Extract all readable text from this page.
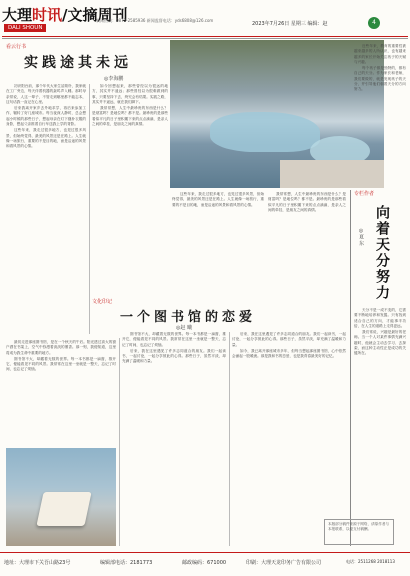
大理时讯/文摘周刊
DALI SHOUN
新闻热线：0872-2585936 新闻监督电话：yds6808@126.com
2023年7月26日 星期三 编辑：赵	4
看云行书
实践途其未远
◎李海鹏

初识阳台前，那个年代大家生活简朴，我家就在工厂旁边，每天伴着机器的轰鸣声入睡。那时母亲常说，人这一辈子，不管走到哪里都不能忘本，这句话我一直记在心里。

后来我离开家乡去外地求学，再后来参加工作，辗转了好几座城市。每当夜深人静时，总会想起小时候的那些日子，想起母亲在灯下缝补衣服的身影，想起父亲推着自行车送我上学的背影。

这些年来，我走过很多地方，也见过很多风景，但始终觉得，最美的风景还是在路上。人生就像一场旅行，重要的不是目的地，而是沿途的风景和看风景的心情。

如今回想起来，那些曾经以为很远的地方，其实并不遥远；那些曾经以为很难做到的事，只要坚持下去，终究会有结果。实践之路，其实并不遥远，就在我们脚下。

我常常想，人生中最珍贵的东西是什么？是财富吗？是地位吗？都不是。最珍贵的是那些看似平凡的日子里积累下来的点点滴滴，是亲人之间的牵挂，是朋友之间的真情。

这些年来，我走过很多地方，也见过很多风景，但始终觉得，最美的风景还是在路上。人生就像一场旅行，重要的不是目的地，而是沿途的风景和看风景的心情。

我常常想，人生中最珍贵的东西是什么？是财富吗？是地位吗？都不是。最珍贵的是那些看似平凡的日子里积累下来的点点滴滴，是亲人之间的牵挂，是朋友之间的真情。

文化印记
一个图书馆的恋爱
◎赵 曦

最初走进那座图书馆，是在一个秋天的午后。阳光透过高大的窗户洒在书架上，空气中弥漫着淡淡的墨香。那一刻，我便知道，这里将成为我生命中重要的地方。

图书馆不大，却藏着无数的世界。每一本书都是一扇窗，推开它，便能看见不同的风景。我常常在这里一坐就是一整天，忘记了时间，也忘记了烦恼。

图书馆不大，却藏着无数的世界。每一本书都是一扇窗，推开它，便能看见不同的风景。我常常在这里一坐就是一整天，忘记了时间，也忘记了烦恼。

后来，我在这里遇见了许多志同道合的朋友。我们一起读书，一起讨论，一起分享彼此的心得。那些日子，虽然平淡，却充满了温暖和力量。

后来，我在这里遇见了许多志同道合的朋友。我们一起读书，一起讨论，一起分享彼此的心得。那些日子，虽然平淡，却充满了温暖和力量。

如今，我已离开那座城市多年，但每当想起那座图书馆，心中依然会涌起一股暖流。那是我和书的恋爱，也是我青春最美好的记忆。

近些年来，教育的重要性被越来越多的人所认识，也有越来越多的家长开始关注孩子的天赋与兴趣。

每个孩子都是独特的，都有自己的天分。作为家长和老师，我们要做的，就是发现孩子的天分，并引导他们朝着天分的方向努力。

专栏作者
向着天分努力
◎夏 东

天分不是一成不变的，它需要不断地培养和发掘。只有找到适合自己的方向，才能事半功倍，在人生的道路上走得更远。

我们常说，兴趣是最好的老师。当一个人对某件事情充满兴趣时，他就会主动去学习、去探索，而这种主动性正是成功的关键所在。

本版部分稿件来源于网络，请原作者与本报联系，以便支付稿酬。
地址：大理市下关吾山路23号	编辑部电话：2181773	邮政编码：671000	印刷：大理天龙印务广告有限公司	电话：2511268 2018113
